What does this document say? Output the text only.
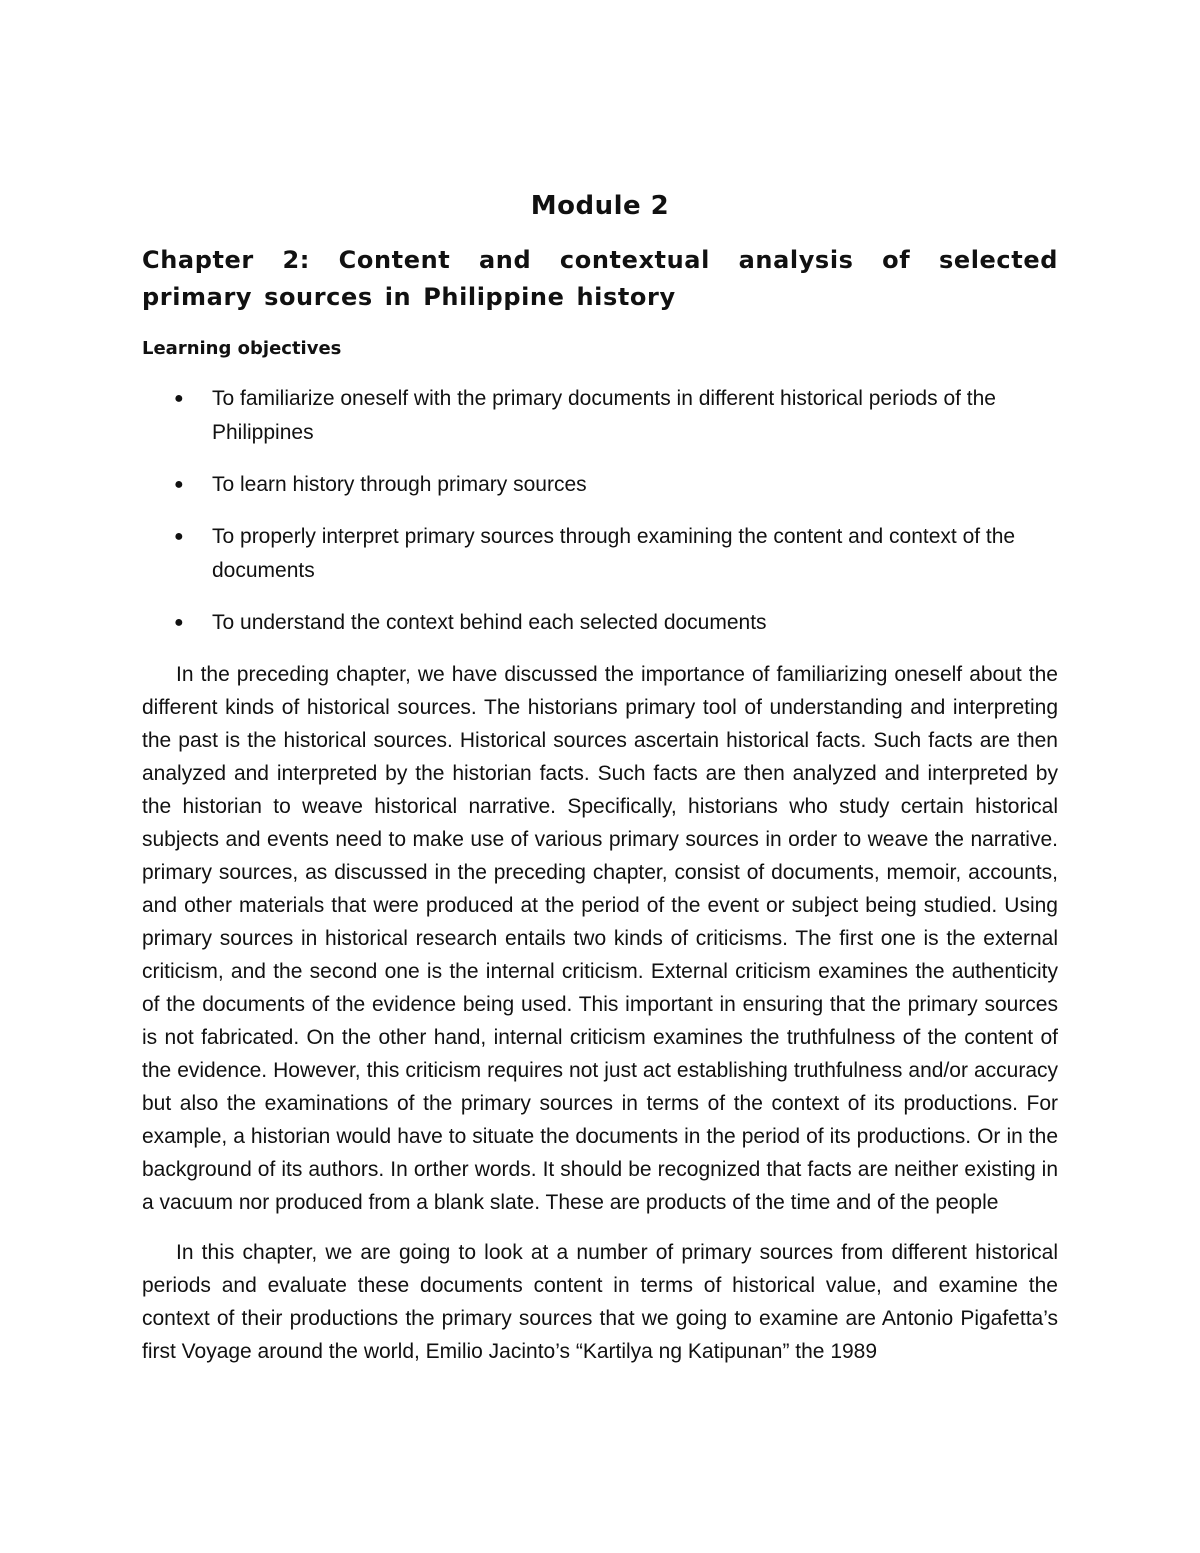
Module 2
Chapter 2: Content and contextual analysis of selected primary sources in Philippine history
Learning objectives
● To familiarize oneself with the primary documents in different historical periods of the Philippines
● To learn history through primary sources
● To properly interpret primary sources through examining the content and context of the documents
● To understand the context behind each selected documents

In the preceding chapter, we have discussed the importance of familiarizing oneself about the different kinds of historical sources. The historians primary tool of understanding and interpreting the past is the historical sources. Historical sources ascertain historical facts. Such facts are then analyzed and interpreted by the historian facts. Such facts are then analyzed and interpreted by the historian to weave historical narrative. Specifically, historians who study certain historical subjects and events need to make use of various primary sources in order to weave the narrative. primary sources, as discussed in the preceding chapter, consist of documents, memoir, accounts, and other materials that were produced at the period of the event or subject being studied. Using primary sources in historical research entails two kinds of criticisms. The first one is the external criticism, and the second one is the internal criticism. External criticism examines the authenticity of the documents of the evidence being used. This important in ensuring that the primary sources is not fabricated. On the other hand, internal criticism examines the truthfulness of the content of the evidence. However, this criticism requires not just act establishing truthfulness and/or accuracy but also the examinations of the primary sources in terms of the context of its productions. For example, a historian would have to situate the documents in the period of its productions. Or in the background of its authors. In orther words. It should be recognized that facts are neither existing in a vacuum nor produced from a blank slate. These are products of the time and of the people

In this chapter, we are going to look at a number of primary sources from different historical periods and evaluate these documents content in terms of historical value, and examine the context of their productions the primary sources that we going to examine are Antonio Pigafetta’s first Voyage around the world, Emilio Jacinto’s “Kartilya ng Katipunan” the 1989
